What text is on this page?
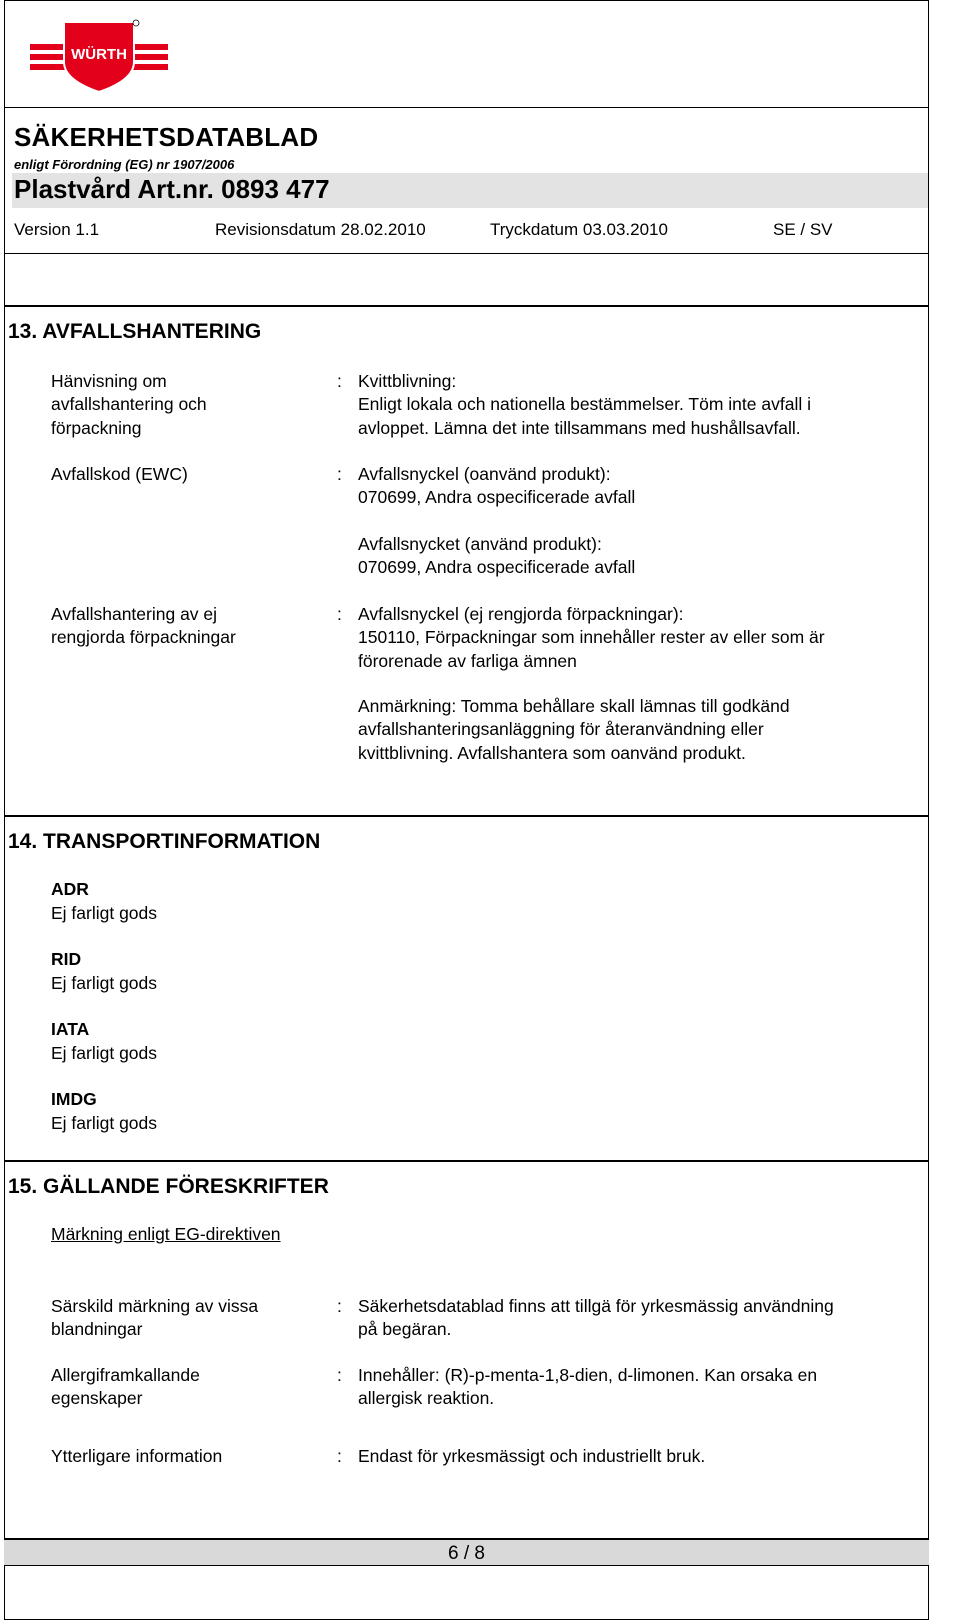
WÜRTH
SÄKERHETSDATABLAD
enligt Förordning (EG) nr 1907/2006
Plastvård Art.nr. 0893 477
Version 1.1	Revisionsdatum 28.02.2010	Tryckdatum 03.03.2010	SE / SV
13. AVFALLSHANTERING
Hänvisning om
avfallshantering och
förpackning
: Kvittblivning:
Enligt lokala och nationella bestämmelser. Töm inte avfall i
avloppet. Lämna det inte tillsammans med hushållsavfall.
Avfallskod (EWC)	: Avfallsnyckel (oanvänd produkt):
070699, Andra ospecificerade avfall
Avfallsnycket (använd produkt):
070699, Andra ospecificerade avfall
Avfallshantering av ej
rengjorda förpackningar
: Avfallsnyckel (ej rengjorda förpackningar):
150110, Förpackningar som innehåller rester av eller som är
förorenade av farliga ämnen
Anmärkning: Tomma behållare skall lämnas till godkänd
avfallshanteringsanläggning för återanvändning eller
kvittblivning. Avfallshantera som oanvänd produkt.
14. TRANSPORTINFORMATION
ADR
Ej farligt gods
RID
Ej farligt gods
IATA
Ej farligt gods
IMDG
Ej farligt gods
15. GÄLLANDE FÖRESKRIFTER
Märkning enligt EG-direktiven
Särskild märkning av vissa
blandningar
: Säkerhetsdatablad finns att tillgä för yrkesmässig användning
på begäran.
Allergiframkallande
egenskaper
: Innehåller: (R)-p-menta-1,8-dien, d-limonen. Kan orsaka en
allergisk reaktion.
Ytterligare information	: Endast för yrkesmässigt och industriellt bruk.
6 / 8
